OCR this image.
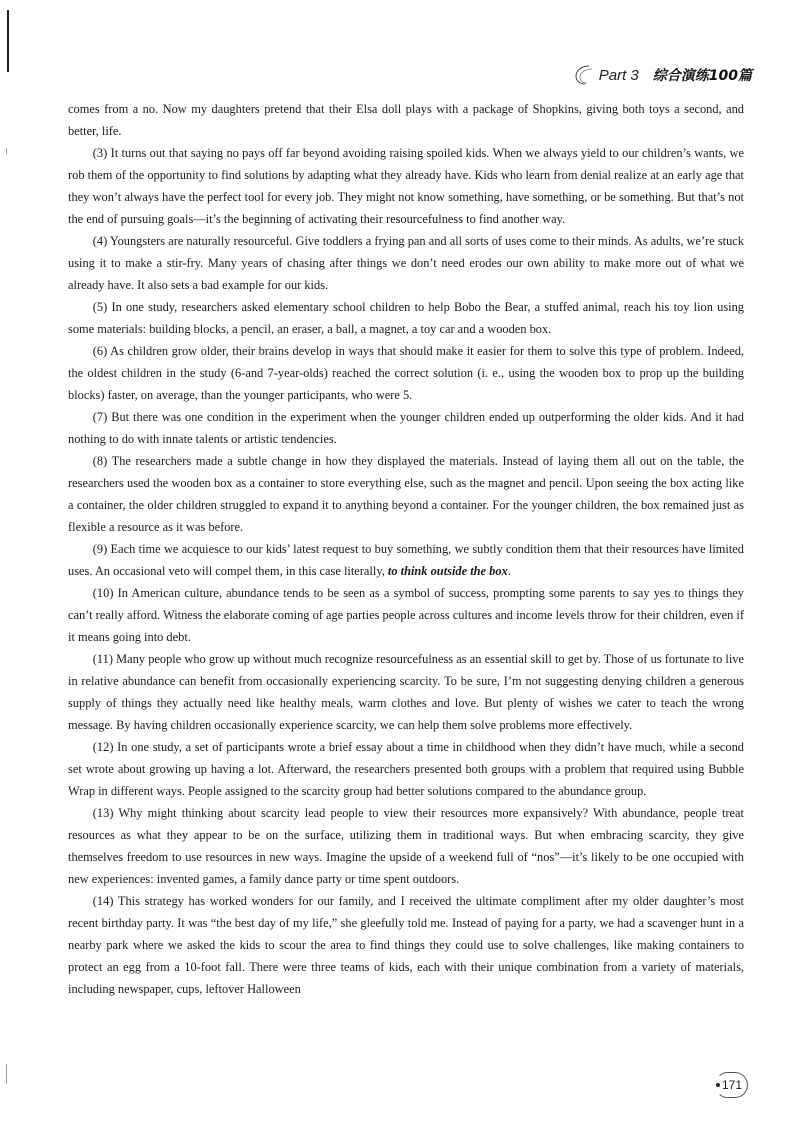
Part 3 综合演练100篇

comes from a no. Now my daughters pretend that their Elsa doll plays with a package of Shopkins, giving both toys a second, and better, life.

(3) It turns out that saying no pays off far beyond avoiding raising spoiled kids. When we always yield to our children’s wants, we rob them of the opportunity to find solutions by adapting what they already have. Kids who learn from denial realize at an early age that they won’t always have the perfect tool for every job. They might not know something, have something, or be something. But that’s not the end of pursuing goals—it’s the beginning of activating their resourcefulness to find another way.

(4) Youngsters are naturally resourceful. Give toddlers a frying pan and all sorts of uses come to their minds. As adults, we’re stuck using it to make a stir-fry. Many years of chasing after things we don’t need erodes our own ability to make more out of what we already have. It also sets a bad example for our kids.

(5) In one study, researchers asked elementary school children to help Bobo the Bear, a stuffed animal, reach his toy lion using some materials: building blocks, a pencil, an eraser, a ball, a magnet, a toy car and a wooden box.

(6) As children grow older, their brains develop in ways that should make it easier for them to solve this type of problem. Indeed, the oldest children in the study (6-and 7-year-olds) reached the correct solution (i. e., using the wooden box to prop up the building blocks) faster, on average, than the younger participants, who were 5.

(7) But there was one condition in the experiment when the younger children ended up outperforming the older kids. And it had nothing to do with innate talents or artistic tendencies.

(8) The researchers made a subtle change in how they displayed the materials. Instead of laying them all out on the table, the researchers used the wooden box as a container to store everything else, such as the magnet and pencil. Upon seeing the box acting like a container, the older children struggled to expand it to anything beyond a container. For the younger children, the box remained just as flexible a resource as it was before.

(9) Each time we acquiesce to our kids’ latest request to buy something, we subtly condition them that their resources have limited uses. An occasional veto will compel them, in this case literally, to think outside the box.

(10) In American culture, abundance tends to be seen as a symbol of success, prompting some parents to say yes to things they can’t really afford. Witness the elaborate coming of age parties people across cultures and income levels throw for their children, even if it means going into debt.

(11) Many people who grow up without much recognize resourcefulness as an essential skill to get by. Those of us fortunate to live in relative abundance can benefit from occasionally experiencing scarcity. To be sure, I’m not suggesting denying children a generous supply of things they actually need like healthy meals, warm clothes and love. But plenty of wishes we cater to teach the wrong message. By having children occasionally experience scarcity, we can help them solve problems more effectively.

(12) In one study, a set of participants wrote a brief essay about a time in childhood when they didn’t have much, while a second set wrote about growing up having a lot. Afterward, the researchers presented both groups with a problem that required using Bubble Wrap in different ways. People assigned to the scarcity group had better solutions compared to the abundance group.

(13) Why might thinking about scarcity lead people to view their resources more expansively? With abundance, people treat resources as what they appear to be on the surface, utilizing them in traditional ways. But when embracing scarcity, they give themselves freedom to use resources in new ways. Imagine the upside of a weekend full of “nos”—it’s likely to be one occupied with new experiences: invented games, a family dance party or time spent outdoors.

(14) This strategy has worked wonders for our family, and I received the ultimate compliment after my older daughter’s most recent birthday party. It was “the best day of my life,” she gleefully told me. Instead of paying for a party, we had a scavenger hunt in a nearby park where we asked the kids to scour the area to find things they could use to solve challenges, like making containers to protect an egg from a 10-foot fall. There were three teams of kids, each with their unique combination from a variety of materials, including newspaper, cups, leftover Halloween

171
